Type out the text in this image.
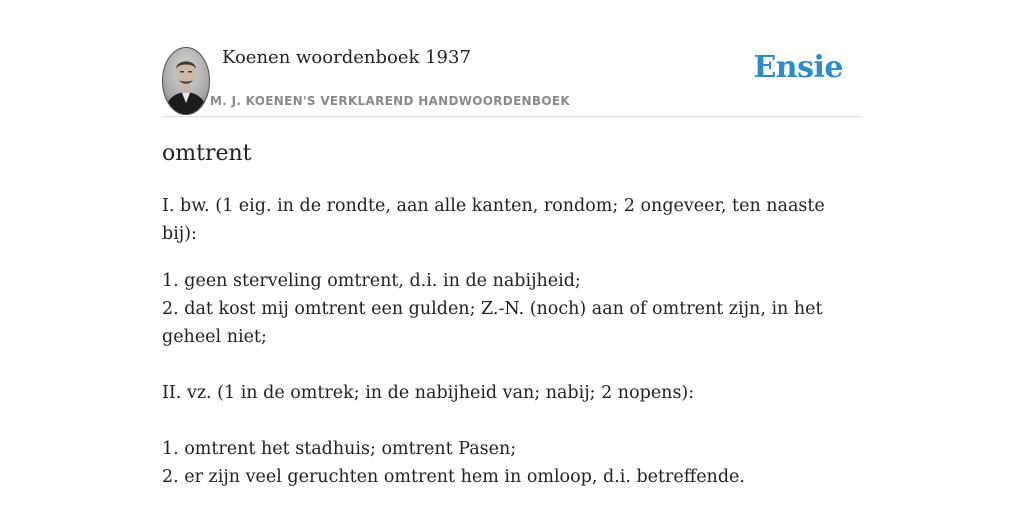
Koenen woordenboek 1937
M. J. KOENEN'S VERKLAREND HANDWOORDENBOEK
Ensie
omtrent

I. bw. (1 eig. in de rondte, aan alle kanten, rondom; 2 ongeveer, ten naaste bij):

1. geen sterveling omtrent, d.i. in de nabijheid;

2. dat kost mij omtrent een gulden; Z.-N. (noch) aan of omtrent zijn, in het geheel niet;

II. vz. (1 in de omtrek; in de nabijheid van; nabij; 2 nopens):

1. omtrent het stadhuis; omtrent Pasen;

2. er zijn veel geruchten omtrent hem in omloop, d.i. betreffende.
